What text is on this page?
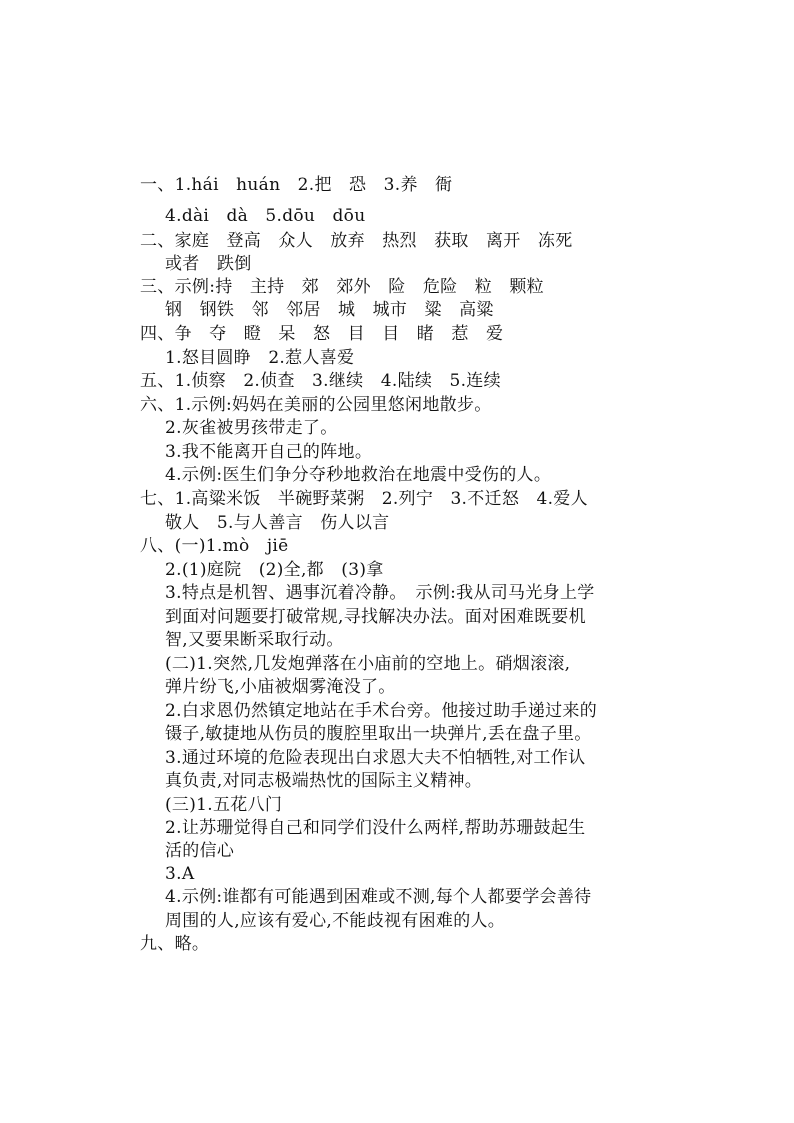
一、1.hái　huán　2.把　恐　3.养　衙
4.dài　dà　5.dōu　dōu
二、家庭　登高　众人　放弃　热烈　获取　离开　冻死
或者　跌倒
三、示例:持　主持　郊　郊外　险　危险　粒　颗粒
钢　钢铁　邻　邻居　城　城市　粱　高粱
四、争　夺　瞪　呆　怒　目　目　睹　惹　爱
1.怒目圆睁　2.惹人喜爱
五、1.侦察　2.侦查　3.继续　4.陆续　5.连续
六、1.示例:妈妈在美丽的公园里悠闲地散步。
2.灰雀被男孩带走了。
3.我不能离开自己的阵地。
4.示例:医生们争分夺秒地救治在地震中受伤的人。
七、1.高粱米饭　半碗野菜粥　2.列宁　3.不迁怒　4.爱人
敬人　5.与人善言　伤人以言
八、(一)1.mò　jiē
2.(1)庭院　(2)全,都　(3)拿
3.特点是机智、遇事沉着冷静。　示例:我从司马光身上学
到面对问题要打破常规,寻找解决办法。面对困难既要机
智,又要果断采取行动。
(二)1.突然,几发炮弹落在小庙前的空地上。硝烟滚滚,
弹片纷飞,小庙被烟雾淹没了。
2.白求恩仍然镇定地站在手术台旁。他接过助手递过来的
镊子,敏捷地从伤员的腹腔里取出一块弹片,丢在盘子里。
3.通过环境的危险表现出白求恩大夫不怕牺牲,对工作认
真负责,对同志极端热忱的国际主义精神。
(三)1.五花八门
2.让苏珊觉得自己和同学们没什么两样,帮助苏珊鼓起生
活的信心
3.A
4.示例:谁都有可能遇到困难或不测,每个人都要学会善待
周围的人,应该有爱心,不能歧视有困难的人。
九、略。
